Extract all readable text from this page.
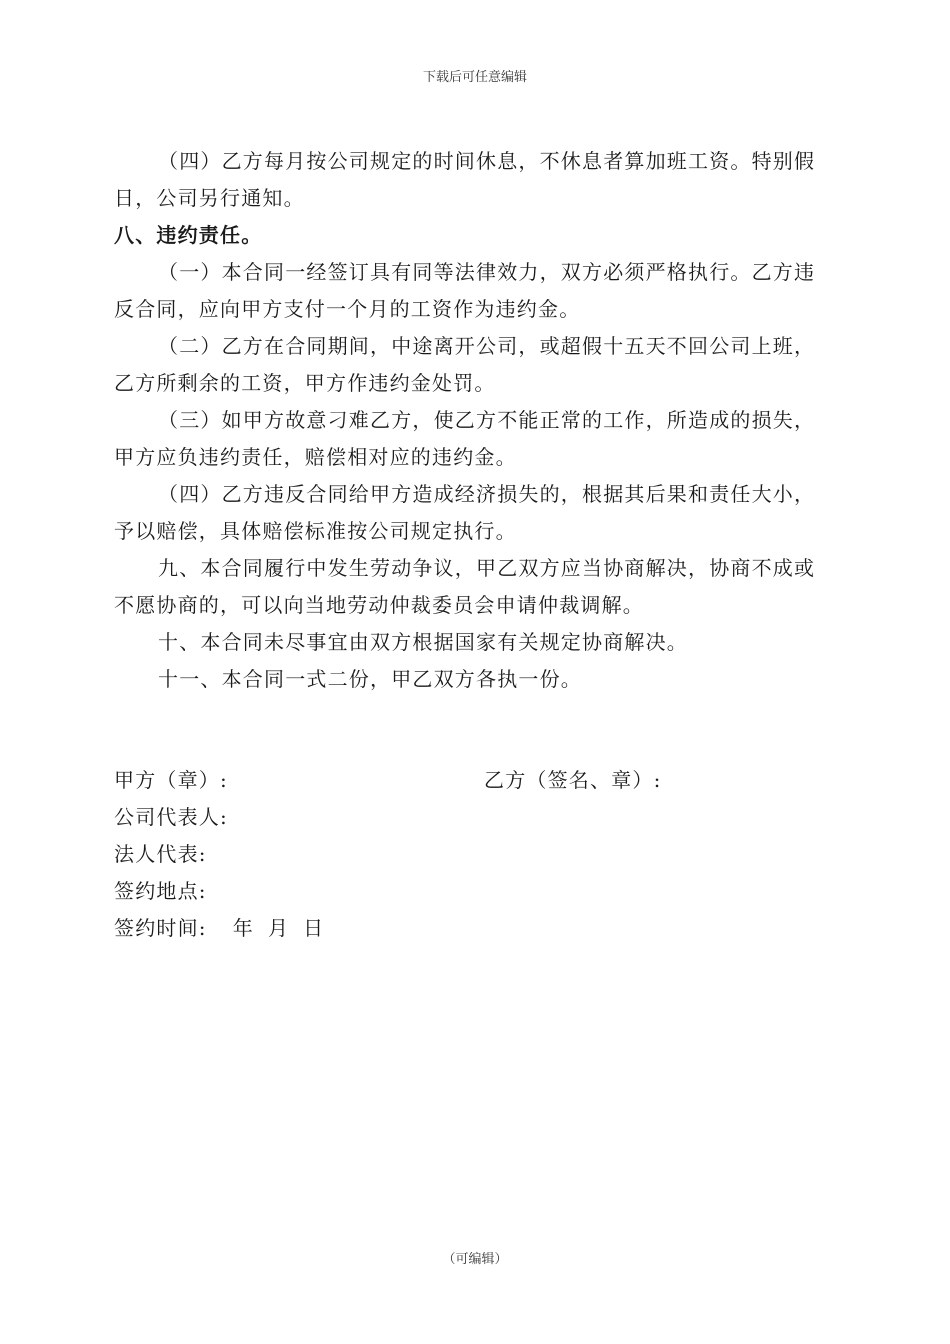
下载后可任意编辑

（四）乙方每月按公司规定的时间休息，不休息者算加班工资。特别假日，公司另行通知。

八、违约责任。

（一）本合同一经签订具有同等法律效力，双方必须严格执行。乙方违反合同，应向甲方支付一个月的工资作为违约金。

（二）乙方在合同期间，中途离开公司，或超假十五天不回公司上班，乙方所剩余的工资，甲方作违约金处罚。

（三）如甲方故意刁难乙方，使乙方不能正常的工作，所造成的损失，甲方应负违约责任，赔偿相对应的违约金。

（四）乙方违反合同给甲方造成经济损失的，根据其后果和责任大小，予以赔偿，具体赔偿标准按公司规定执行。

九、本合同履行中发生劳动争议，甲乙双方应当协商解决，协商不成或不愿协商的，可以向当地劳动仲裁委员会申请仲裁调解。

十、本合同未尽事宜由双方根据国家有关规定协商解决。

十一、本合同一式二份，甲乙双方各执一份。

甲方（章）:	乙方（签名、章）:
公司代表人:
法人代表:
签约地点:
签约时间: 年 月 日
（可编辑）
